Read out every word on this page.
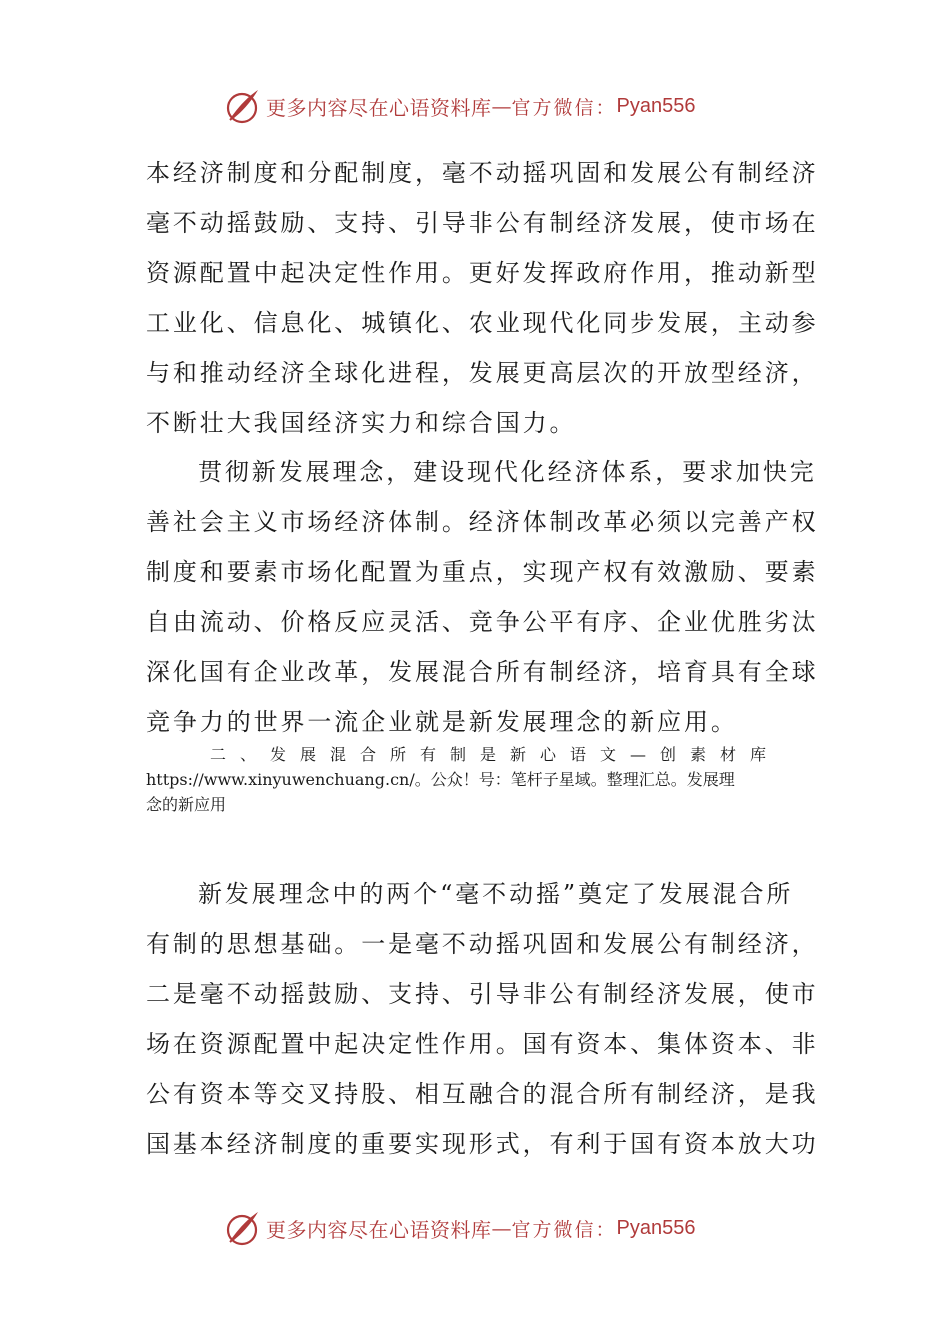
更多内容尽在心语资料库 — 官方微信： Pyan556
本经济制度和分配制度，毫不动摇巩固和发展公有制经济
毫不动摇鼓励、支持、引导非公有制经济发展，使市场在
资源配置中起决定性作用。更好发挥政府作用，推动新型
工业化、信息化、城镇化、农业现代化同步发展，主动参
与和推动经济全球化进程，发展更高层次的开放型经济，
不断壮大我国经济实力和综合国力。
贯彻新发展理念，建设现代化经济体系，要求加快完
善社会主义市场经济体制。经济体制改革必须以完善产权
制度和要素市场化配置为重点，实现产权有效激励、要素
自由流动、价格反应灵活、竞争公平有序、企业优胜劣汰
深化国有企业改革，发展混合所有制经济，培育具有全球
竞争力的世界一流企业就是新发展理念的新应用。
二、发展混合所有制是新心语文—创素材库
https://www.xinyuwenchuang.cn/。公众！号：笔杆子星域。整理汇总。发展理
念的新应用
新发展理念中的两个“毫不动摇”奠定了发展混合所
有制的思想基础。一是毫不动摇巩固和发展公有制经济，
二是毫不动摇鼓励、支持、引导非公有制经济发展，使市
场在资源配置中起决定性作用。国有资本、集体资本、非
公有资本等交叉持股、相互融合的混合所有制经济，是我
国基本经济制度的重要实现形式，有利于国有资本放大功
更多内容尽在心语资料库 — 官方微信： Pyan556
